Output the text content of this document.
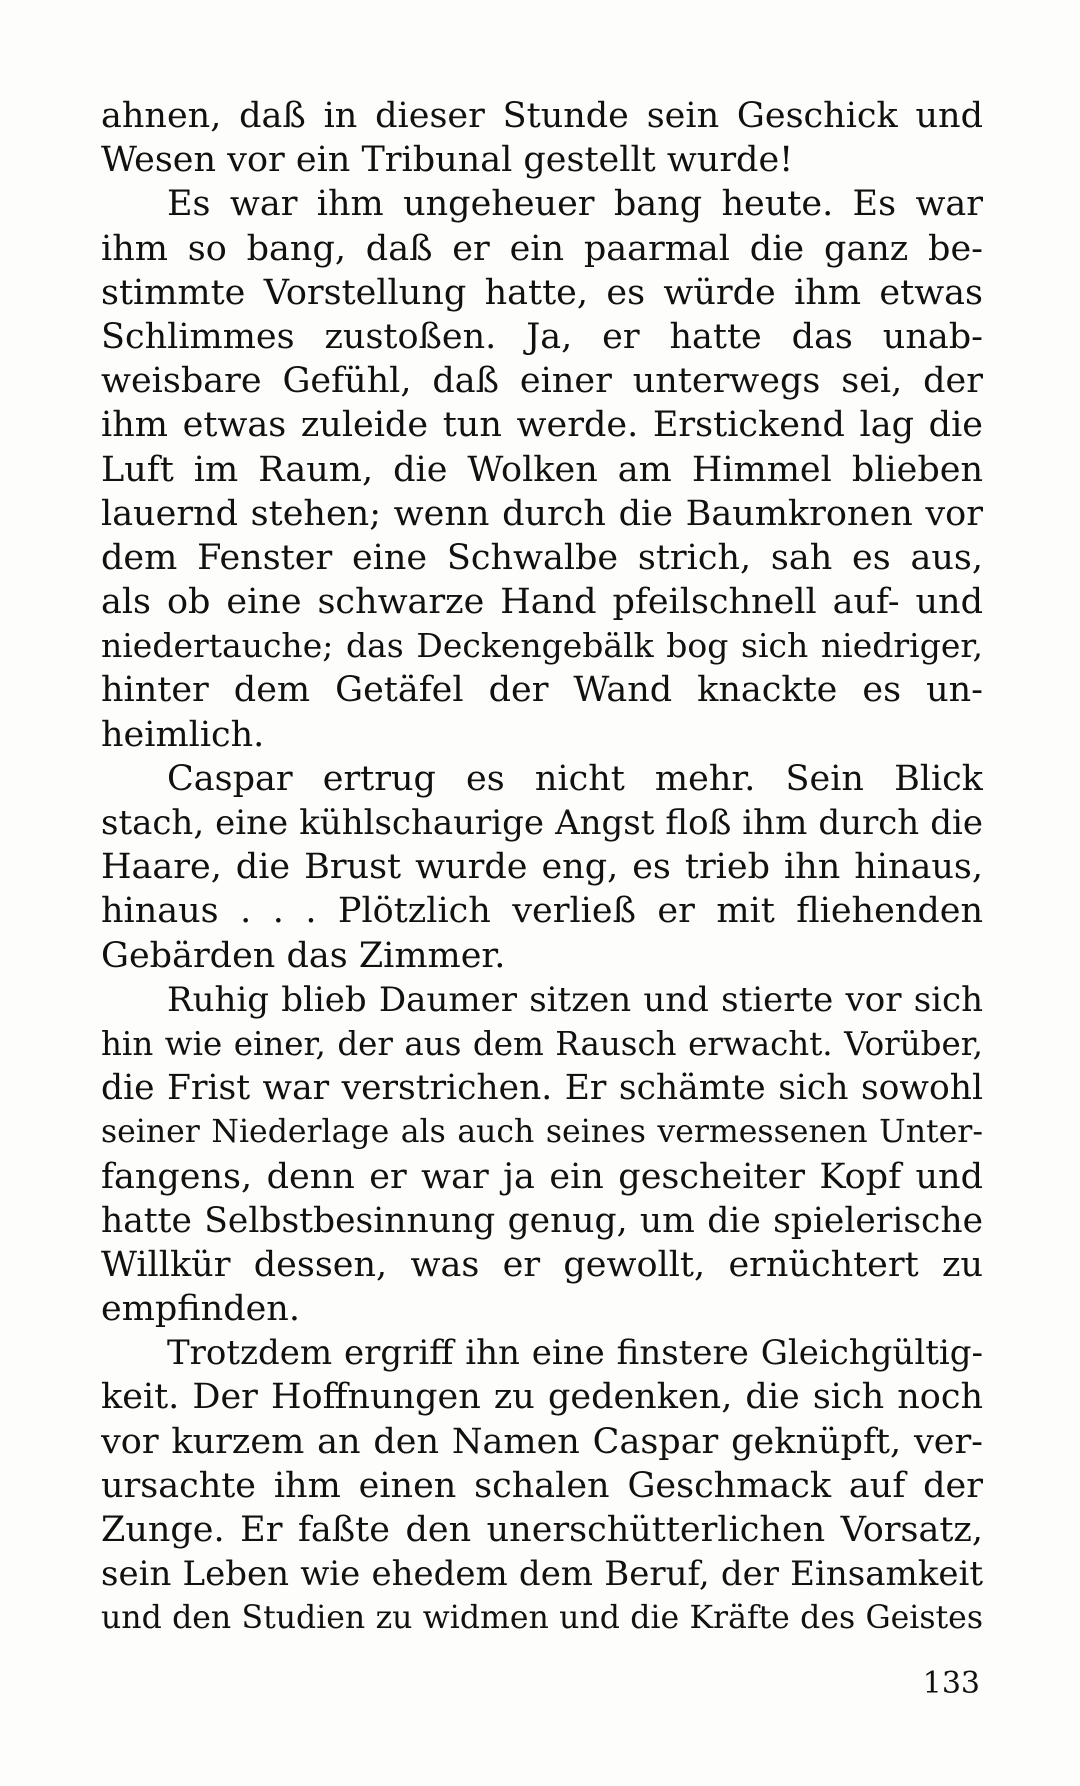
ahnen, daß in dieser Stunde sein Geschick und
Wesen vor ein Tribunal gestellt wurde!
Es war ihm ungeheuer bang heute. Es war
ihm so bang, daß er ein paarmal die ganz be-
stimmte Vorstellung hatte, es würde ihm etwas
Schlimmes zustoßen. Ja, er hatte das unab-
weisbare Gefühl, daß einer unterwegs sei, der
ihm etwas zuleide tun werde. Erstickend lag die
Luft im Raum, die Wolken am Himmel blieben
lauernd stehen; wenn durch die Baumkronen vor
dem Fenster eine Schwalbe strich, sah es aus,
als ob eine schwarze Hand pfeilschnell auf- und
niedertauche; das Deckengebälk bog sich niedriger,
hinter dem Getäfel der Wand knackte es un-
heimlich.
Caspar ertrug es nicht mehr. Sein Blick
stach, eine kühlschaurige Angst floß ihm durch die
Haare, die Brust wurde eng, es trieb ihn hinaus,
hinaus . . . Plötzlich verließ er mit fliehenden
Gebärden das Zimmer.
Ruhig blieb Daumer sitzen und stierte vor sich
hin wie einer, der aus dem Rausch erwacht. Vorüber,
die Frist war verstrichen. Er schämte sich sowohl
seiner Niederlage als auch seines vermessenen Unter-
fangens, denn er war ja ein gescheiter Kopf und
hatte Selbstbesinnung genug, um die spielerische
Willkür dessen, was er gewollt, ernüchtert zu
empfinden.
Trotzdem ergriff ihn eine finstere Gleichgültig-
keit. Der Hoffnungen zu gedenken, die sich noch
vor kurzem an den Namen Caspar geknüpft, ver-
ursachte ihm einen schalen Geschmack auf der
Zunge. Er faßte den unerschütterlichen Vorsatz,
sein Leben wie ehedem dem Beruf, der Einsamkeit
und den Studien zu widmen und die Kräfte des Geistes
133
